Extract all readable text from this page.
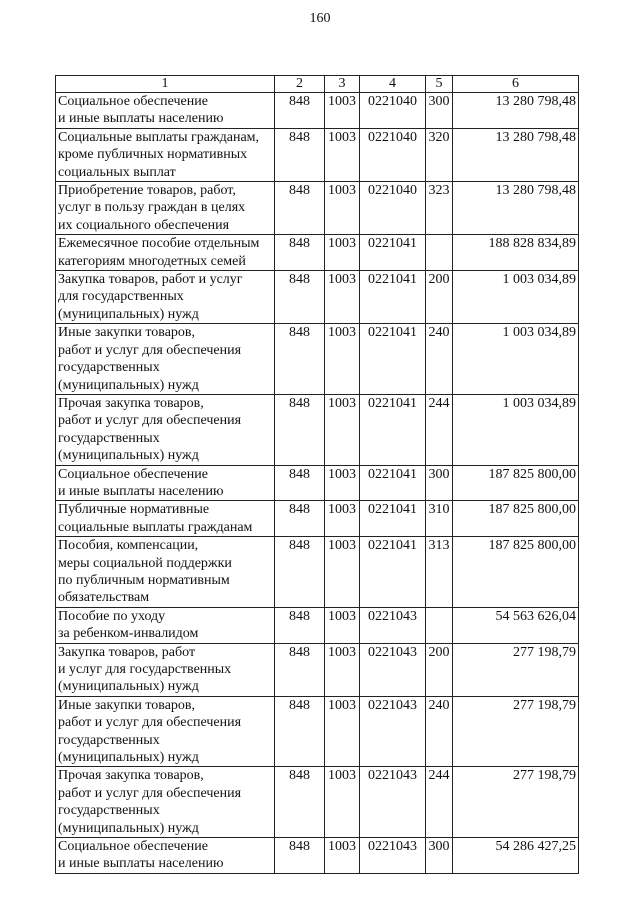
160
1	2	3	4	5	6
Социальное обеспечение
и иные выплаты населению	848	1003	0221040	300	13 280 798,48
Социальные выплаты гражданам,
кроме публичных нормативных
социальных выплат	848	1003	0221040	320	13 280 798,48
Приобретение товаров, работ,
услуг в пользу граждан в целях
их социального обеспечения	848	1003	0221040	323	13 280 798,48
Ежемесячное пособие отдельным
категориям многодетных семей	848	1003	0221041		188 828 834,89
Закупка товаров, работ и услуг
для государственных
(муниципальных) нужд	848	1003	0221041	200	1 003 034,89
Иные закупки товаров,
работ и услуг для обеспечения
государственных
(муниципальных) нужд	848	1003	0221041	240	1 003 034,89
Прочая закупка товаров,
работ и услуг для обеспечения
государственных
(муниципальных) нужд	848	1003	0221041	244	1 003 034,89
Социальное обеспечение
и иные выплаты населению	848	1003	0221041	300	187 825 800,00
Публичные нормативные
социальные выплаты гражданам	848	1003	0221041	310	187 825 800,00
Пособия, компенсации,
меры социальной поддержки
по публичным нормативным
обязательствам	848	1003	0221041	313	187 825 800,00
Пособие по уходу
за ребенком-инвалидом	848	1003	0221043		54 563 626,04
Закупка товаров, работ
и услуг для государственных
(муниципальных) нужд	848	1003	0221043	200	277 198,79
Иные закупки товаров,
работ и услуг для обеспечения
государственных
(муниципальных) нужд	848	1003	0221043	240	277 198,79
Прочая закупка товаров,
работ и услуг для обеспечения
государственных
(муниципальных) нужд	848	1003	0221043	244	277 198,79
Социальное обеспечение
и иные выплаты населению	848	1003	0221043	300	54 286 427,25
